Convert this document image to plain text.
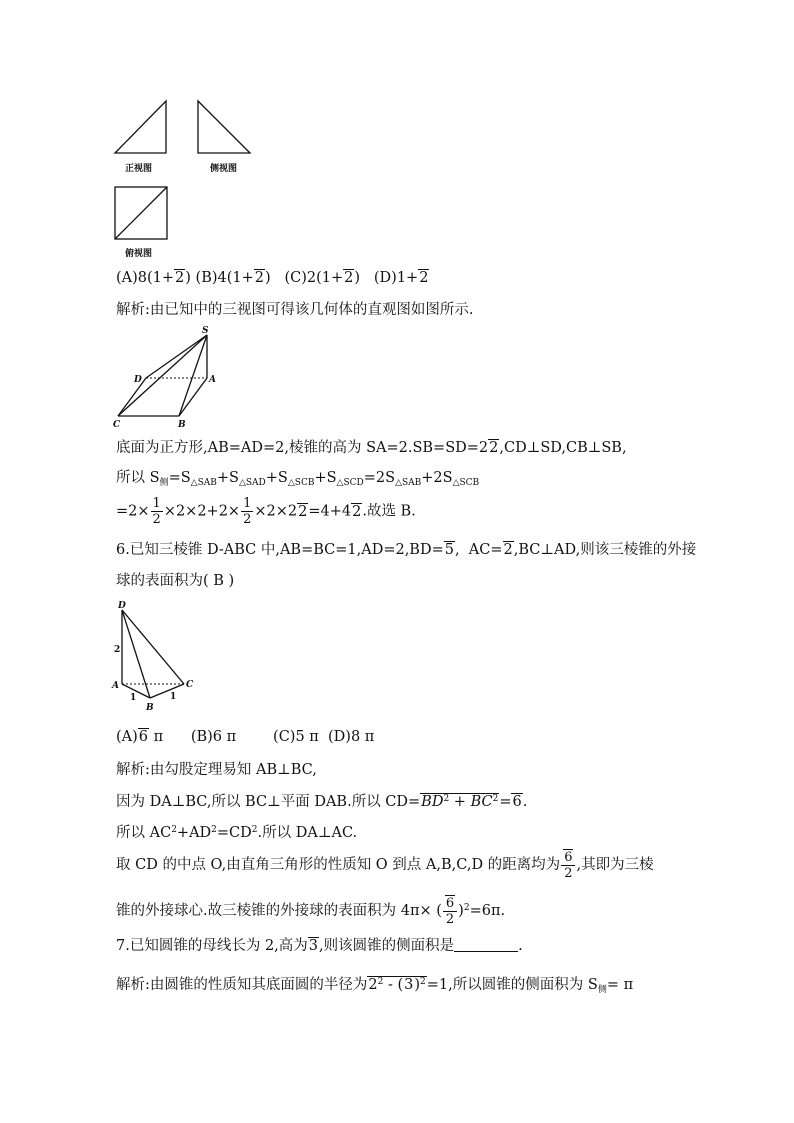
正视图	侧视图
俯视图
(A)8(1+2) (B)4(1+2)   (C)2(1+2)   (D)1+2
解析:由已知中的三视图可得该几何体的直观图如图所示.
S
D	A
C	B
底面为正方形,AB=AD=2,棱锥的高为 SA=2.SB=SD=22,CD⊥SD,CB⊥SB,
所以 $S_侧=S_{\triangle SAB}+S_{\triangle SAD}+S_{\triangle SCB}+S_{\triangle SCD}=2S_{\triangle SAB}+2S_{\triangle SCB}$
$=2\times \frac{1}{2} \times 2\times 2+2\times \frac{1}{2} \times 2\times 22=4+42$.故选 B.
6.已知三棱锥 D-ABC 中,AB=BC=1,AD=2,BD=5,  AC=2,BC⊥AD,则该三棱锥的外接
球的表面积为( B )
D
A
B
C
2
1	1
(A)6 π      (B)6 π        (C)5 π  (D)8 π
解析:由勾股定理易知 AB⊥BC,
因为 DA⊥BC,所以 BC⊥平面 DAB.所以 $CD=BD^2 + BC^2=6$.
所以 $AC^2+AD^2=CD^2$.所以 DA⊥AC.
取 CD 的中点 O,由直角三角形的性质知 O 到点 A,B,C,D 的距离均为 $\frac{6}{2}$ ,其即为三棱
锥的外接球心.故三棱锥的外接球的表面积为 4π× ( $\frac{6}{2} )^2=6\pi$.
7.已知圆锥的母线长为 2,高为3,则该圆锥的侧面积是	.
解析:由圆锥的性质知其底面圆的半径为$2^2 - (3)^2=1$,所以圆锥的侧面积为 $S_侧= \pi$
